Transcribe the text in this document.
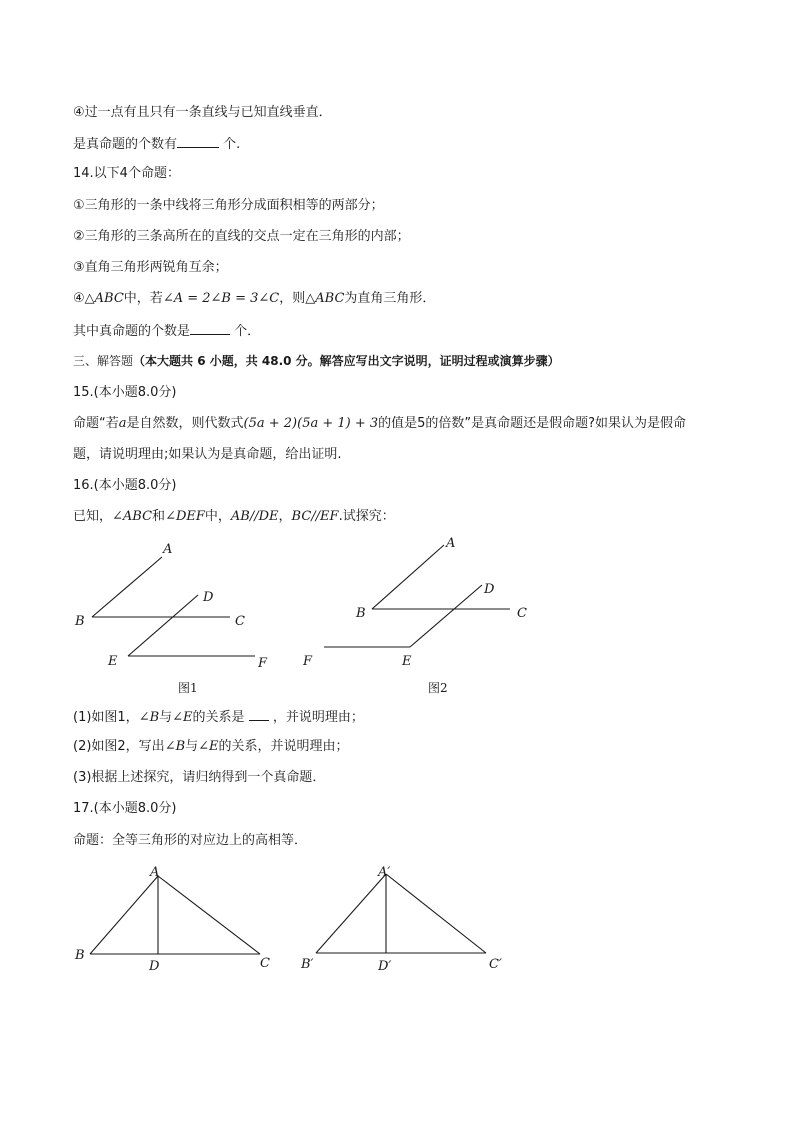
④过一点有且只有一条直线与已知直线垂直．
是真命题的个数有	个.
14.以下4个命题：
①三角形的一条中线将三角形分成面积相等的两部分；
②三角形的三条高所在的直线的交点一定在三角形的内部；
③直角三角形两锐角互余；
④△ABC中，若∠A = 2∠B = 3∠C，则△ABC为直角三角形．
其中真命题的个数是	个．
三、解答题（本大题共 6 小题，共 48.0 分。解答应写出文字说明，证明过程或演算步骤）
15.(本小题8.0分)
命题“若a是自然数，则代数式(5a + 2)(5a + 1) + 3的值是5的倍数”是真命题还是假命题?如果认为是假命
题，请说明理由;如果认为是真命题，给出证明.
16.(本小题8.0分)
已知，∠ABC和∠DEF中，AB//DE，BC//EF.试探究：
A
B	C
D
E	F
图1
A
B	C
D
E
F
图2
(1)如图1，∠B与∠E的关系是 ，并说明理由；
(2)如图2，写出∠B与∠E的关系，并说明理由；
(3)根据上述探究，请归纳得到一个真命题．
17.(本小题8.0分)
命题：全等三角形的对应边上的高相等．
A
B
C
D
A′
B′	C′
D′
